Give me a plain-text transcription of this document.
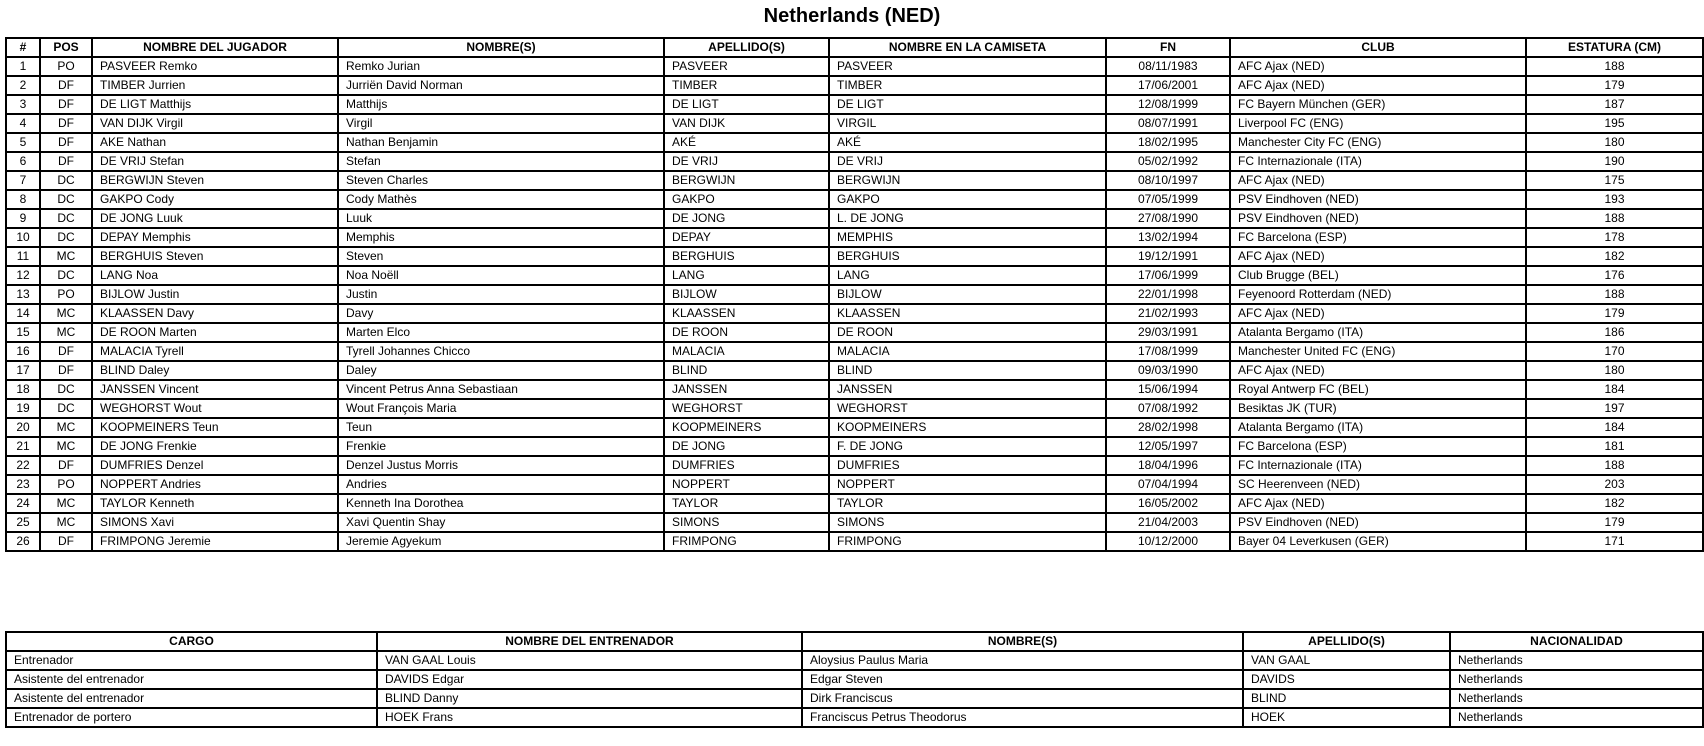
Netherlands (NED)
#	POS	NOMBRE DEL JUGADOR	NOMBRE(S)	APELLIDO(S)	NOMBRE EN LA CAMISETA	FN	CLUB	ESTATURA (CM)
1	PO	PASVEER Remko	Remko Jurian	PASVEER	PASVEER	08/11/1983	AFC Ajax (NED)	188
2	DF	TIMBER Jurrien	Jurriën David Norman	TIMBER	TIMBER	17/06/2001	AFC Ajax (NED)	179
3	DF	DE LIGT Matthijs	Matthijs	DE LIGT	DE LIGT	12/08/1999	FC Bayern München (GER)	187
4	DF	VAN DIJK Virgil	Virgil	VAN DIJK	VIRGIL	08/07/1991	Liverpool FC (ENG)	195
5	DF	AKE Nathan	Nathan Benjamin	AKÉ	AKÉ	18/02/1995	Manchester City FC (ENG)	180
6	DF	DE VRIJ Stefan	Stefan	DE VRIJ	DE VRIJ	05/02/1992	FC Internazionale (ITA)	190
7	DC	BERGWIJN Steven	Steven Charles	BERGWIJN	BERGWIJN	08/10/1997	AFC Ajax (NED)	175
8	DC	GAKPO Cody	Cody Mathès	GAKPO	GAKPO	07/05/1999	PSV Eindhoven (NED)	193
9	DC	DE JONG Luuk	Luuk	DE JONG	L. DE JONG	27/08/1990	PSV Eindhoven (NED)	188
10	DC	DEPAY Memphis	Memphis	DEPAY	MEMPHIS	13/02/1994	FC Barcelona (ESP)	178
11	MC	BERGHUIS Steven	Steven	BERGHUIS	BERGHUIS	19/12/1991	AFC Ajax (NED)	182
12	DC	LANG Noa	Noa Noëll	LANG	LANG	17/06/1999	Club Brugge (BEL)	176
13	PO	BIJLOW Justin	Justin	BIJLOW	BIJLOW	22/01/1998	Feyenoord Rotterdam (NED)	188
14	MC	KLAASSEN Davy	Davy	KLAASSEN	KLAASSEN	21/02/1993	AFC Ajax (NED)	179
15	MC	DE ROON Marten	Marten Elco	DE ROON	DE ROON	29/03/1991	Atalanta Bergamo (ITA)	186
16	DF	MALACIA Tyrell	Tyrell Johannes Chicco	MALACIA	MALACIA	17/08/1999	Manchester United FC (ENG)	170
17	DF	BLIND Daley	Daley	BLIND	BLIND	09/03/1990	AFC Ajax (NED)	180
18	DC	JANSSEN Vincent	Vincent Petrus Anna Sebastiaan	JANSSEN	JANSSEN	15/06/1994	Royal Antwerp FC (BEL)	184
19	DC	WEGHORST Wout	Wout François Maria	WEGHORST	WEGHORST	07/08/1992	Besiktas JK (TUR)	197
20	MC	KOOPMEINERS Teun	Teun	KOOPMEINERS	KOOPMEINERS	28/02/1998	Atalanta Bergamo (ITA)	184
21	MC	DE JONG Frenkie	Frenkie	DE JONG	F. DE JONG	12/05/1997	FC Barcelona (ESP)	181
22	DF	DUMFRIES Denzel	Denzel Justus Morris	DUMFRIES	DUMFRIES	18/04/1996	FC Internazionale (ITA)	188
23	PO	NOPPERT Andries	Andries	NOPPERT	NOPPERT	07/04/1994	SC Heerenveen (NED)	203
24	MC	TAYLOR Kenneth	Kenneth Ina Dorothea	TAYLOR	TAYLOR	16/05/2002	AFC Ajax (NED)	182
25	MC	SIMONS Xavi	Xavi Quentin Shay	SIMONS	SIMONS	21/04/2003	PSV Eindhoven (NED)	179
26	DF	FRIMPONG Jeremie	Jeremie Agyekum	FRIMPONG	FRIMPONG	10/12/2000	Bayer 04 Leverkusen (GER)	171
CARGO	NOMBRE DEL ENTRENADOR	NOMBRE(S)	APELLIDO(S)	NACIONALIDAD
Entrenador	VAN GAAL Louis	Aloysius Paulus Maria	VAN GAAL	Netherlands
Asistente del entrenador	DAVIDS Edgar	Edgar Steven	DAVIDS	Netherlands
Asistente del entrenador	BLIND Danny	Dirk Franciscus	BLIND	Netherlands
Entrenador de portero	HOEK Frans	Franciscus Petrus Theodorus	HOEK	Netherlands
